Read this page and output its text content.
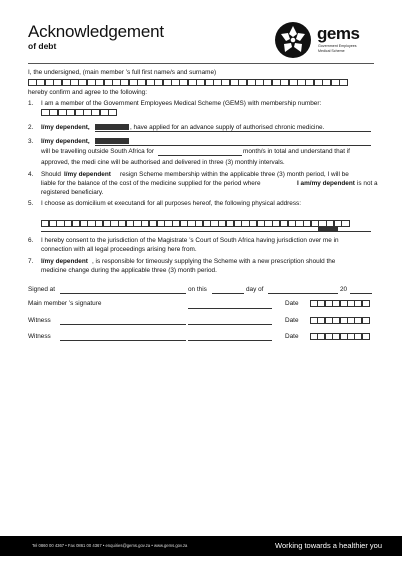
Acknowledgement
of debt
gems
Government Employees
Medical Scheme
I, the undersigned, (main member ’s full first name/s and surname)
hereby confirm and agree to the following:
1. I am a member of the Government Employees Medical Scheme (GEMS) with membership number:
2. I/my dependent,	, have applied for an advance supply of authorised chronic medicine.
3. I/my dependent,
will be travelling outside South Africa for	month/s in total and understand that if
approved, the medi cine will be authorised and delivered in three (3) monthly intervals.
4. Should I/my dependent resign Scheme membership within the applicable three (3) month period, I will be
liable for the balance of the cost of the medicine supplied for the period where	I am/my dependent is not a
registered beneficiary.
5. I choose as domicilium et executandi for all purposes hereof, the following physical address:
6. I hereby consent to the jurisdiction of the Magistrate ’s Court of South Africa having jurisdiction over me in
connection with all legal proceedings arising here from.
7. I/my dependent , is responsible for timeously supplying the Scheme with a new prescription should the
medicine change during the applicable three (3) month period.
Signed at	on this	day of	20
Main member ’s signature	Date
Witness	Date
Witness	Date
Tel 0860 00 4367 • Fax 0861 00 4367 • enquiries@gems.gov.za • www.gems.gov.za	Working towards a healthier you
